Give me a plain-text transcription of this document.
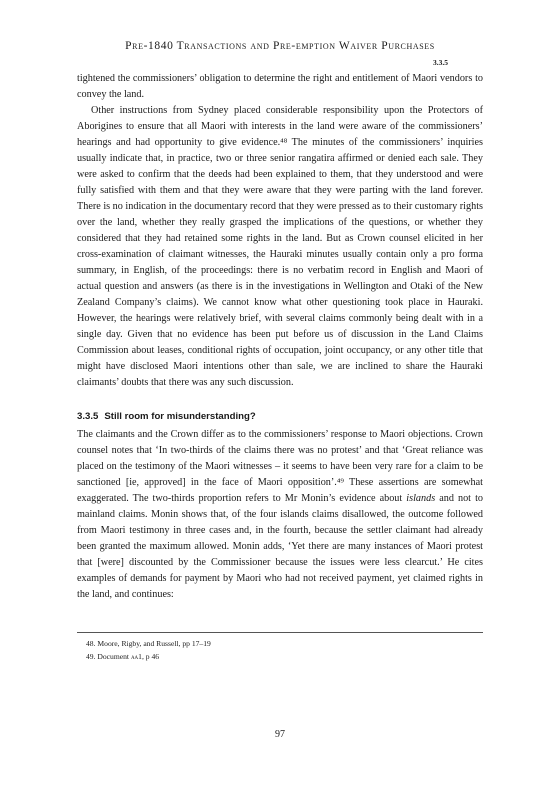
Pre-1840 Transactions and Pre-emption Waiver Purchases
3.3.5

tightened the commissioners’ obligation to determine the right and entitlement of Maori vendors to convey the land.

Other instructions from Sydney placed considerable responsibility upon the Protectors of Aborigines to ensure that all Maori with interests in the land were aware of the commissioners’ hearings and had opportunity to give evidence.⁴⁸ The minutes of the commissioners’ inquiries usually indicate that, in practice, two or three senior rangatira affirmed or denied each sale. They were asked to confirm that the deeds had been explained to them, that they understood and were fully satisfied with them and that they were aware that they were parting with the land forever. There is no indication in the documentary record that they were pressed as to their customary rights over the land, whether they really grasped the implications of the questions, or whether they considered that they had retained some rights in the land. But as Crown counsel elicited in her cross-examination of claimant witnesses, the Hauraki minutes usually contain only a pro forma summary, in English, of the proceedings: there is no verbatim record in English and Maori of actual question and answers (as there is in the investigations in Wellington and Otaki of the New Zealand Company’s claims). We cannot know what other questioning took place in Hauraki. However, the hearings were relatively brief, with several claims commonly being dealt with in a single day. Given that no evidence has been put before us of discussion in the Land Claims Commission about leases, conditional rights of occupation, joint occupancy, or any other title that might have disclosed Maori intentions other than sale, we are inclined to share the Hauraki claimants’ doubts that there was any such discussion.

3.3.5 Still room for misunderstanding?

The claimants and the Crown differ as to the commissioners’ response to Maori objections. Crown counsel notes that ‘In two-thirds of the claims there was no protest’ and that ‘Great reliance was placed on the testimony of the Maori witnesses – it seems to have been very rare for a claim to be sanctioned [ie, approved] in the face of Maori opposition’.⁴⁹ These assertions are somewhat exaggerated. The two-thirds proportion refers to Mr Monin’s evidence about islands and not to mainland claims. Monin shows that, of the four islands claims disallowed, the outcome followed from Maori testimony in three cases and, in the fourth, because the settler claimant had already been granted the maximum allowed. Monin adds, ‘Yet there are many instances of Maori protest that [were] discounted by the Commissioner because the issues were less clearcut.’ He cites examples of demands for payment by Maori who had not received payment, yet claimed rights in the land, and continues:

48. Moore, Rigby, and Russell, pp 17–19

49. Document aa1, p 46

97
